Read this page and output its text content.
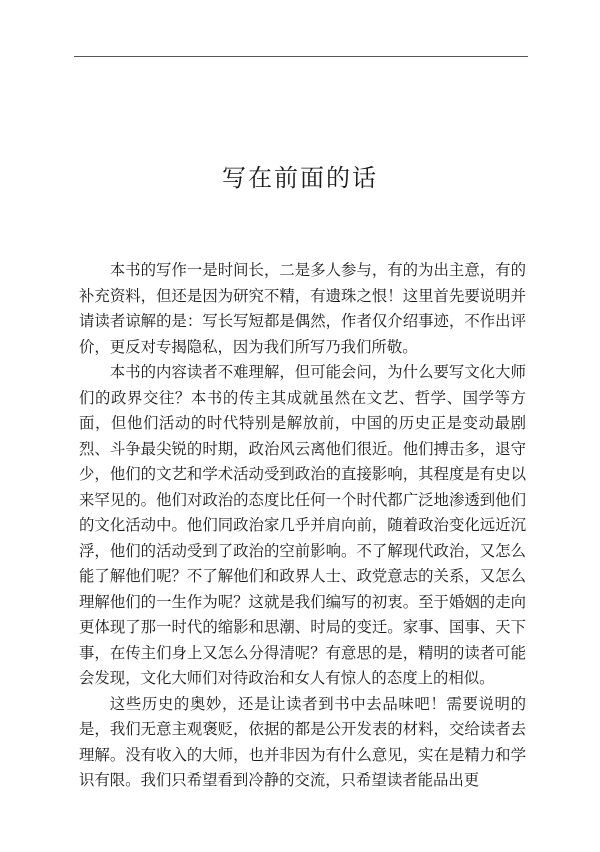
写在前面的话

本书的写作一是时间长，二是多人参与，有的为出主意，有的补充资料，但还是因为研究不精，有遗珠之恨！这里首先要说明并请读者谅解的是：写长写短都是偶然，作者仅介绍事迹，不作出评价，更反对专揭隐私，因为我们所写乃我们所敬。

本书的内容读者不难理解，但可能会问，为什么要写文化大师们的政界交往？本书的传主其成就虽然在文艺、哲学、国学等方面，但他们活动的时代特别是解放前，中国的历史正是变动最剧烈、斗争最尖锐的时期，政治风云离他们很近。他们搏击多，退守少，他们的文艺和学术活动受到政治的直接影响，其程度是有史以来罕见的。他们对政治的态度比任何一个时代都广泛地渗透到他们的文化活动中。他们同政治家几乎并肩向前，随着政治变化远近沉浮，他们的活动受到了政治的空前影响。不了解现代政治，又怎么能了解他们呢？不了解他们和政界人士、政党意志的关系，又怎么理解他们的一生作为呢？这就是我们编写的初衷。至于婚姻的走向更体现了那一时代的缩影和思潮、时局的变迁。家事、国事、天下事，在传主们身上又怎么分得清呢？有意思的是，精明的读者可能会发现，文化大师们对待政治和女人有惊人的态度上的相似。

这些历史的奥妙，还是让读者到书中去品味吧！需要说明的是，我们无意主观褒贬，依据的都是公开发表的材料，交给读者去理解。没有收入的大师，也并非因为有什么意见，实在是精力和学识有限。我们只希望看到冷静的交流，只希望读者能品出更
